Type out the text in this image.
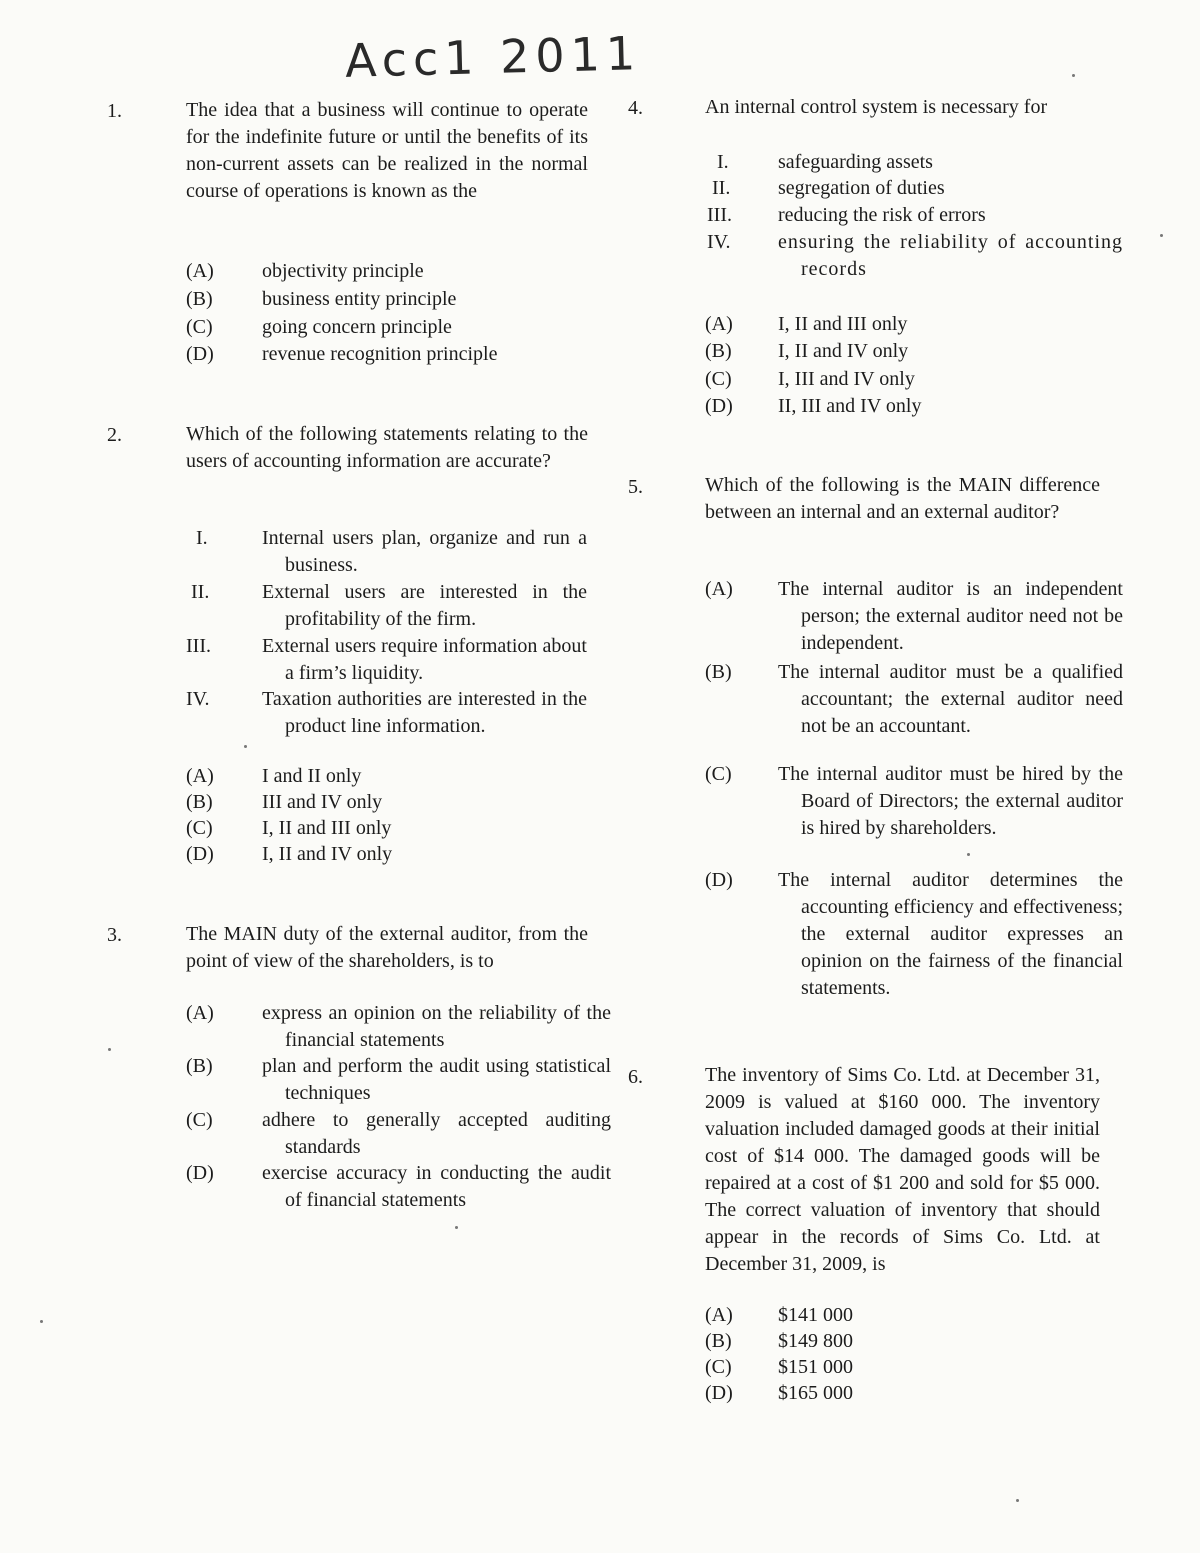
Acc1 2011
1.	The idea that a business will continue to operate for the indefinite future or until the benefits of its non-current assets can be realized in the normal course of operations is known as the
(A) objectivity principle
(B) business entity principle
(C) going concern principle
(D) revenue recognition principle
2.	Which of the following statements relating to the users of accounting information are accurate?
I.	Internal users plan, organize and run a business.
II.	External users are interested in the profitability of the firm.
III.	External users require information about a firm’s liquidity.
IV.	Taxation authorities are interested in the product line information.
(A) I and II only
(B) III and IV only
(C) I, II and III only
(D) I, II and IV only
3.	The MAIN duty of the external auditor, from the point of view of the shareholders, is to
(A) express an opinion on the reliability of the financial statements
(B) plan and perform the audit using statistical techniques
(C) adhere to generally accepted auditing standards
(D) exercise accuracy in conducting the audit of financial statements
4.	An internal control system is necessary for
I. safeguarding assets
II. segregation of duties
III. reducing the risk of errors
IV. ensuring the reliability of accounting records
(A) I, II and III only
(B) I, II and IV only
(C) I, III and IV only
(D) II, III and IV only
5.	Which of the following is the MAIN difference between an internal and an external auditor?
(A) The internal auditor is an independent person; the external auditor need not be independent.
(B) The internal auditor must be a qualified accountant; the external auditor need not be an accountant.
(C) The internal auditor must be hired by the Board of Directors; the external auditor is hired by shareholders.
(D) The internal auditor determines the accounting efficiency and effectiveness; the external auditor expresses an opinion on the fairness of the financial statements.
6.	The inventory of Sims Co. Ltd. at December 31, 2009 is valued at $160 000. The inventory valuation included damaged goods at their initial cost of $14 000. The damaged goods will be repaired at a cost of $1 200 and sold for $5 000. The correct valuation of inventory that should appear in the records of Sims Co. Ltd. at December 31, 2009, is
(A) $141 000
(B) $149 800
(C) $151 000
(D) $165 000
